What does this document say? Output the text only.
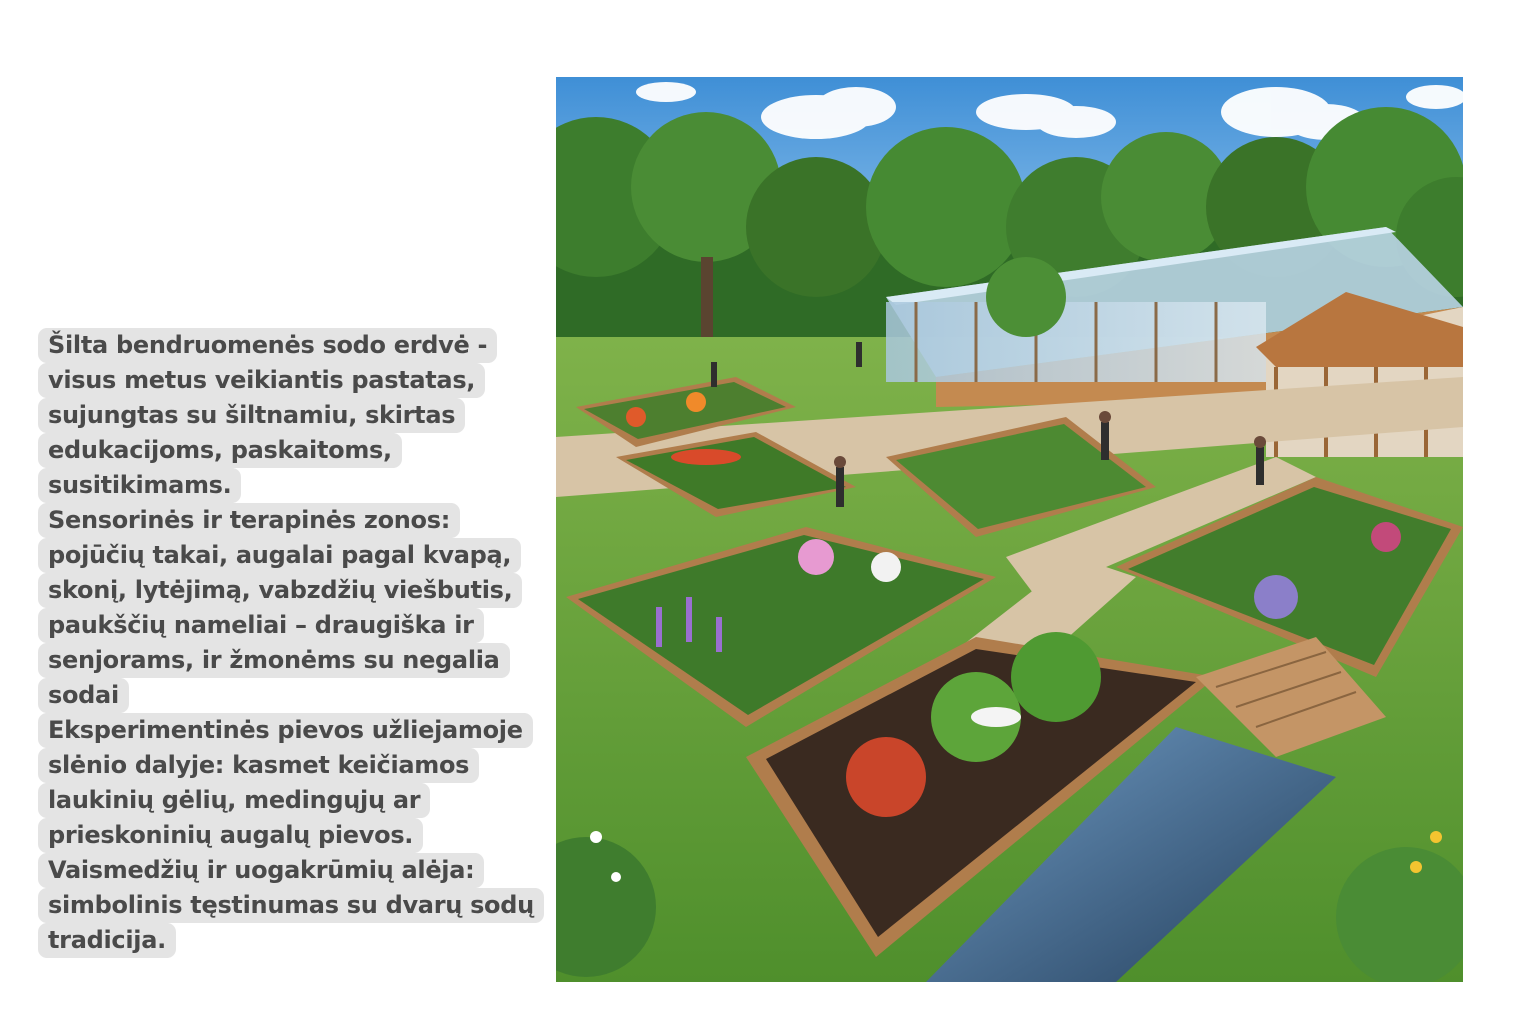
Šilta bendruomenės sodo erdvė -
visus metus veikiantis pastatas,
sujungtas su šiltnamiu, skirtas
edukacijoms, paskaitoms,
susitikimams.
Sensorinės ir terapinės zonos:
pojūčių takai, augalai pagal kvapą,
skonį, lytėjimą, vabzdžių viešbutis,
paukščių nameliai – draugiška ir
senjorams, ir žmonėms su negalia
sodai
Eksperimentinės pievos užliejamoje
slėnio dalyje: kasmet keičiamos
laukinių gėlių, medingųjų ar
prieskoninių augalų pievos.
Vaismedžių ir uogakrūmių alėja:
simbolinis tęstinumas su dvarų sodų
tradicija.
